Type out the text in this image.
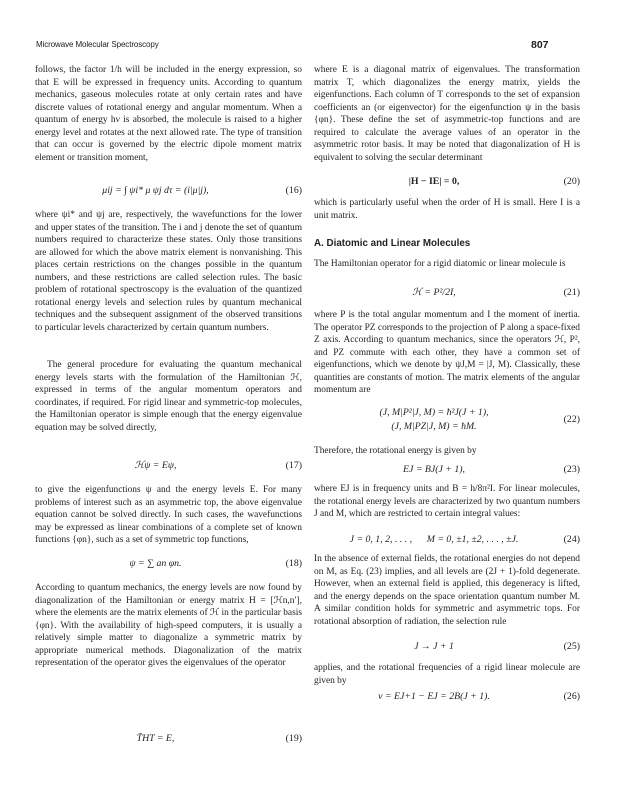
Microwave Molecular Spectroscopy	807

follows, the factor 1/h will be included in the energy expression, so that E will be expressed in frequency units. According to quantum mechanics, gaseous molecules rotate at only certain rates and have discrete values of rotational energy and angular momentum. When a quantum of energy hν is absorbed, the molecule is raised to a higher energy level and rotates at the next allowed rate. The type of transition that can occur is governed by the electric dipole moment matrix element or transition moment,

μij = ∫ ψi* μ ψj dτ = (i|μ|j),	(16)

where ψi* and ψj are, respectively, the wavefunctions for the lower and upper states of the transition. The i and j denote the set of quantum numbers required to characterize these states. Only those transitions are allowed for which the above matrix element is nonvanishing. This places certain restrictions on the changes possible in the quantum numbers, and these restrictions are called selection rules. The basic problem of rotational spectroscopy is the evaluation of the quantized rotational energy levels and selection rules by quantum mechanical techniques and the subsequent assignment of the observed transitions to particular levels characterized by certain quantum numbers.

The general procedure for evaluating the quantum mechanical energy levels starts with the formulation of the Hamiltonian ℋ, expressed in terms of the angular momentum operators and coordinates, if required. For rigid linear and symmetric-top molecules, the Hamiltonian operator is simple enough that the energy eigenvalue equation may be solved directly,

ℋψ = Eψ,	(17)

to give the eigenfunctions ψ and the energy levels E. For many problems of interest such as an asymmetric top, the above eigenvalue equation cannot be solved directly. In such cases, the wavefunctions may be expressed as linear combinations of a complete set of known functions {φn}, such as a set of symmetric top functions,

ψ = ∑ an φn.	(18)

According to quantum mechanics, the energy levels are now found by diagonalization of the Hamiltonian or energy matrix H = [ℋn,n′], where the elements are the matrix elements of ℋ in the particular basis {φn}. With the availability of high-speed computers, it is usually a relatively simple matter to diagonalize a symmetric matrix by appropriate numerical methods. Diagonalization of the matrix representation of the operator gives the eigenvalues of the operator

T̃HT = E,	(19)

where E is a diagonal matrix of eigenvalues. The transformation matrix T, which diagonalizes the energy matrix, yields the eigenfunctions. Each column of T corresponds to the set of expansion coefficients an (or eigenvector) for the eigenfunction ψ in the basis {φn}. These define the set of asymmetric-top functions and are required to calculate the average values of an operator in the asymmetric rotor basis. It may be noted that diagonalization of H is equivalent to solving the secular determinant

|H − IE| = 0,	(20)

which is particularly useful when the order of H is small. Here I is a unit matrix.

A. Diatomic and Linear Molecules

The Hamiltonian operator for a rigid diatomic or linear molecule is

ℋ = P²/2I,	(21)

where P is the total angular momentum and I the moment of inertia. The operator PZ corresponds to the projection of P along a space-fixed Z axis. According to quantum mechanics, since the operators ℋ, P², and PZ commute with each other, they have a common set of eigenfunctions, which we denote by ψJ,M = |J, M). Classically, these quantities are constants of motion. The matrix elements of the angular momentum are

(J, M|P²|J, M) = ħ²J(J + 1),
(J, M|PZ|J, M) = ħM.
(22)

Therefore, the rotational energy is given by

EJ = BJ(J + 1),	(23)

where EJ is in frequency units and B = h/8π²I. For linear molecules, the rotational energy levels are characterized by two quantum numbers J and M, which are restricted to certain integral values:

J = 0, 1, 2, . . . ,      M = 0, ±1, ±2, . . . , ±J.	(24)

In the absence of external fields, the rotational energies do not depend on M, as Eq. (23) implies, and all levels are (2J + 1)-fold degenerate. However, when an external field is applied, this degeneracy is lifted, and the energy depends on the space orientation quantum number M. A similar condition holds for symmetric and asymmetric tops. For rotational absorption of radiation, the selection rule

J → J + 1	(25)

applies, and the rotational frequencies of a rigid linear molecule are given by

ν = EJ+1 − EJ = 2B(J + 1).	(26)
